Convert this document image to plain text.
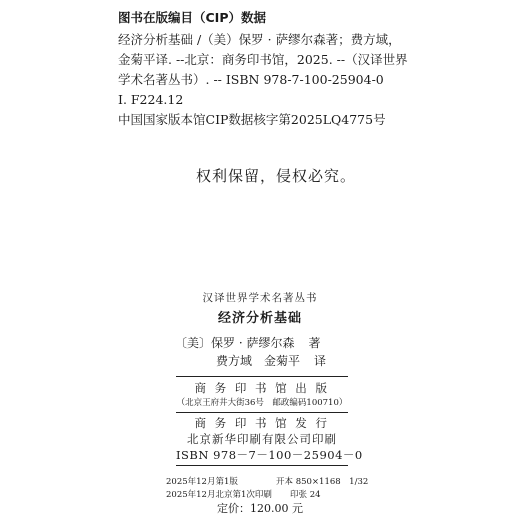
图书在版编目（CIP）数据
经济分析基础 /（美）保罗 · 萨缪尔森著；费方域，
金菊平译. --北京：商务印书馆，2025. --（汉译世界
学术名著丛书）. -- ISBN 978-7-100-25904-0
Ⅰ. F224.12
中国国家版本馆CIP数据核字第2025LQ4775号
权利保留，侵权必究。
汉译世界学术名著丛书
经济分析基础
〔美〕保罗 · 萨缪尔森 著
费方域　金菊平 译
商 务 印 书 馆 出 版
（北京王府井大街36号　邮政编码100710）
商 务 印 书 馆 发 行
北京新华印刷有限公司印刷
ISBN 978－7－100－25904－0
2025年12月第1版	开本 850×1168　1/32
2025年12月北京第1次印刷 印张 24
定价：120.00 元
